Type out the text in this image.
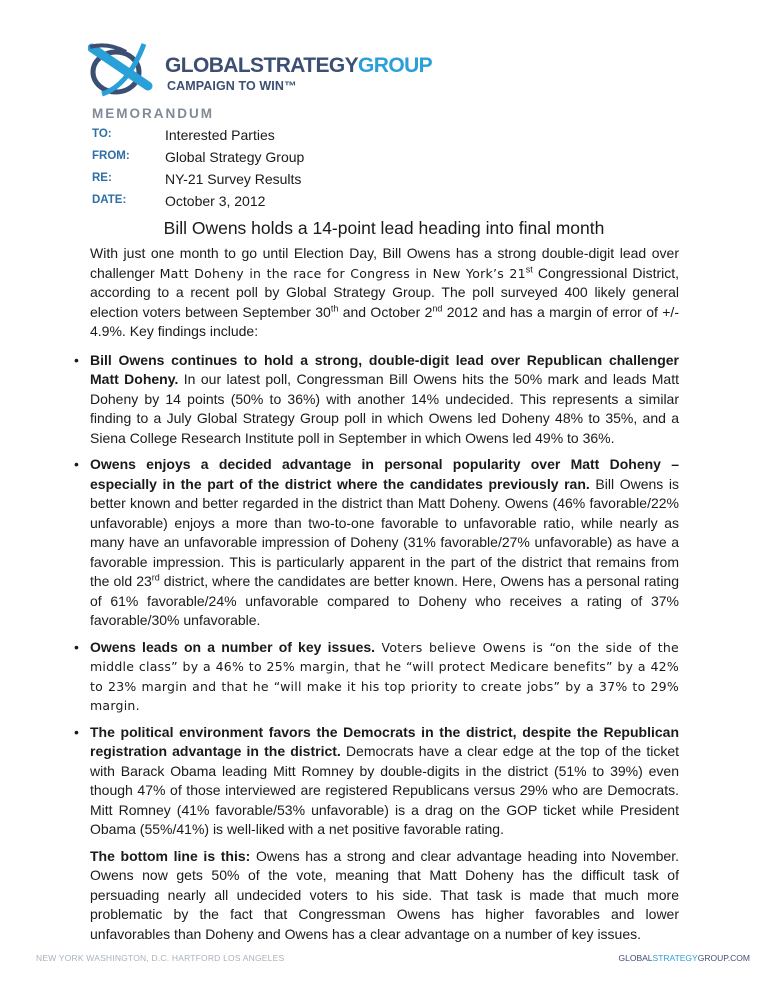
GLOBALSTRATEGYGROUP
CAMPAIGN TO WIN™
MEMORANDUM
TO:	Interested Parties
FROM:	Global Strategy Group
RE:	NY-21 Survey Results
DATE:	October 3, 2012
Bill Owens holds a 14-point lead heading into final month

With just one month to go until Election Day, Bill Owens has a strong double-digit lead over challenger Matt Doheny in the race for Congress in New York’s 21st Congressional District, according to a recent poll by Global Strategy Group. The poll surveyed 400 likely general election voters between September 30th and October 2nd 2012 and has a margin of error of +/- 4.9%. Key findings include:

• Bill Owens continues to hold a strong, double-digit lead over Republican challenger Matt Doheny. In our latest poll, Congressman Bill Owens hits the 50% mark and leads Matt Doheny by 14 points (50% to 36%) with another 14% undecided. This represents a similar finding to a July Global Strategy Group poll in which Owens led Doheny 48% to 35%, and a Siena College Research Institute poll in September in which Owens led 49% to 36%.
• Owens enjoys a decided advantage in personal popularity over Matt Doheny – especially in the part of the district where the candidates previously ran. Bill Owens is better known and better regarded in the district than Matt Doheny. Owens (46% favorable/22% unfavorable) enjoys a more than two-to-one favorable to unfavorable ratio, while nearly as many have an unfavorable impression of Doheny (31% favorable/27% unfavorable) as have a favorable impression. This is particularly apparent in the part of the district that remains from the old 23rd district, where the candidates are better known. Here, Owens has a personal rating of 61% favorable/24% unfavorable compared to Doheny who receives a rating of 37% favorable/30% unfavorable.
• Owens leads on a number of key issues. Voters believe Owens is “on the side of the middle class” by a 46% to 25% margin, that he “will protect Medicare benefits” by a 42% to 23% margin and that he “will make it his top priority to create jobs” by a 37% to 29% margin.
• The political environment favors the Democrats in the district, despite the Republican registration advantage in the district. Democrats have a clear edge at the top of the ticket with Barack Obama leading Mitt Romney by double-digits in the district (51% to 39%) even though 47% of those interviewed are registered Republicans versus 29% who are Democrats. Mitt Romney (41% favorable/53% unfavorable) is a drag on the GOP ticket while President Obama (55%/41%) is well-liked with a net positive favorable rating.

The bottom line is this: Owens has a strong and clear advantage heading into November. Owens now gets 50% of the vote, meaning that Matt Doheny has the difficult task of persuading nearly all undecided voters to his side. That task is made that much more problematic by the fact that Congressman Owens has higher favorables and lower unfavorables than Doheny and Owens has a clear advantage on a number of key issues.

NEW YORK WASHINGTON, D.C. HARTFORD LOS ANGELES	GLOBALSTRATEGYGROUP.COM
